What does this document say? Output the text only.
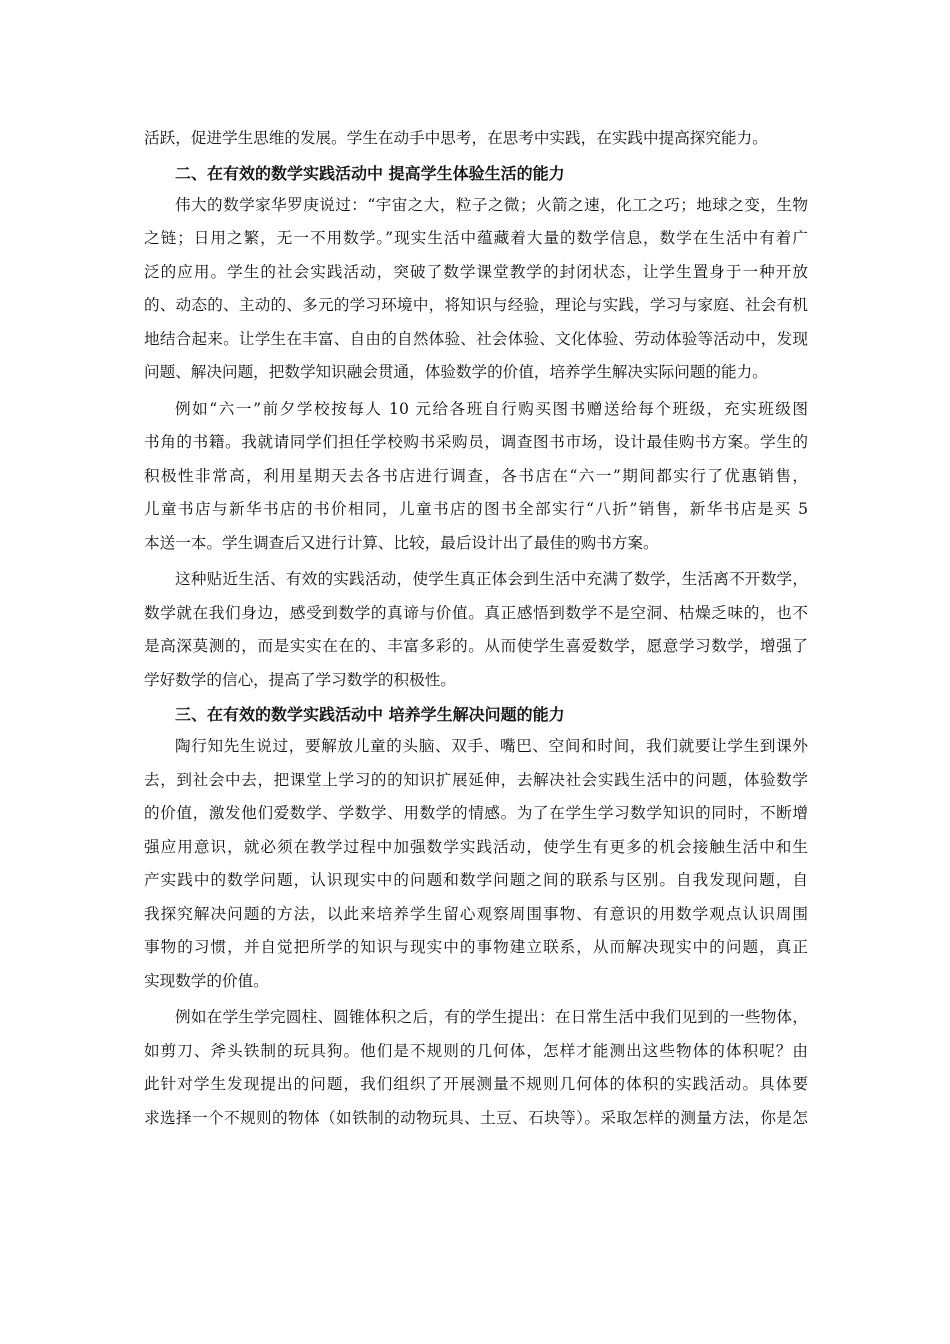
活跃，促进学生思维的发展。学生在动手中思考，在思考中实践，在实践中提高探究能力。
二、在有效的数学实践活动中 提高学生体验生活的能力
伟大的数学家华罗庚说过：“宇宙之大，粒子之微；火箭之速，化工之巧；地球之变，生物
之链；日用之繁，无一不用数学。”现实生活中蕴藏着大量的数学信息，数学在生活中有着广
泛的应用。学生的社会实践活动，突破了数学课堂教学的封闭状态，让学生置身于一种开放
的、动态的、主动的、多元的学习环境中，将知识与经验，理论与实践，学习与家庭、社会有机
地结合起来。让学生在丰富、自由的自然体验、社会体验、文化体验、劳动体验等活动中，发现
问题、解决问题，把数学知识融会贯通，体验数学的价值，培养学生解决实际问题的能力。
例如“六一”前夕学校按每人 10 元给各班自行购买图书赠送给每个班级，充实班级图
书角的书籍。我就请同学们担任学校购书采购员，调查图书市场，设计最佳购书方案。学生的
积极性非常高，利用星期天去各书店进行调查，各书店在“六一”期间都实行了优惠销售，
儿童书店与新华书店的书价相同，儿童书店的图书全部实行“八折”销售，新华书店是买 5
本送一本。学生调查后又进行计算、比较，最后设计出了最佳的购书方案。
这种贴近生活、有效的实践活动，使学生真正体会到生活中充满了数学，生活离不开数学，
数学就在我们身边，感受到数学的真谛与价值。真正感悟到数学不是空洞、枯燥乏味的，也不
是高深莫测的，而是实实在在的、丰富多彩的。从而使学生喜爱数学，愿意学习数学，增强了
学好数学的信心，提高了学习数学的积极性。
三、在有效的数学实践活动中 培养学生解决问题的能力
陶行知先生说过，要解放儿童的头脑、双手、嘴巴、空间和时间，我们就要让学生到课外
去，到社会中去，把课堂上学习的的知识扩展延伸，去解决社会实践生活中的问题，体验数学
的价值，激发他们爱数学、学数学、用数学的情感。为了在学生学习数学知识的同时，不断增
强应用意识，就必须在教学过程中加强数学实践活动，使学生有更多的机会接触生活中和生
产实践中的数学问题，认识现实中的问题和数学问题之间的联系与区别。自我发现问题，自
我探究解决问题的方法，以此来培养学生留心观察周围事物、有意识的用数学观点认识周围
事物的习惯，并自觉把所学的知识与现实中的事物建立联系，从而解决现实中的问题，真正
实现数学的价值。
例如在学生学完圆柱、圆锥体积之后，有的学生提出：在日常生活中我们见到的一些物体，
如剪刀、斧头铁制的玩具狗。他们是不规则的几何体，怎样才能测出这些物体的体积呢？由
此针对学生发现提出的问题，我们组织了开展测量不规则几何体的体积的实践活动。具体要
求选择一个不规则的物体（如铁制的动物玩具、土豆、石块等）。采取怎样的测量方法，你是怎
